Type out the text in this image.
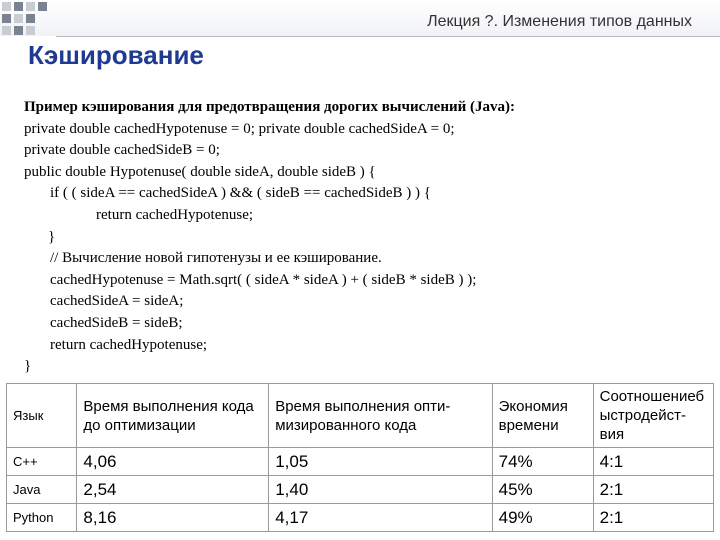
Лекция ?. Изменения типов данных
Кэширование
Пример кэширования для предотвращения дорогих вычислений (Java):
private double cachedHypotenuse = 0; private double cachedSideA = 0;
private double cachedSideB = 0;
public double Hypotenuse( double sideA, double sideB ) {
if ( ( sideA == cachedSideA ) && ( sideB == cachedSideB ) ) {
return cachedHypotenuse;
}
// Вычисление новой гипотенузы и ее кэширование.
cachedHypotenuse = Math.sqrt( ( sideA * sideA ) + ( sideB * sideB ) );
cachedSideA = sideA;
cachedSideB = sideB;
return cachedHypotenuse;
}
Язык	Время выполнения кода до оптимизации	Время выполнения опти-мизированного кода	Экономия времени	Соотношениеб ыстродейст-вия
C++	4,06	1,05	74%	4:1
Java	2,54	1,40	45%	2:1
Python	8,16	4,17	49%	2:1
